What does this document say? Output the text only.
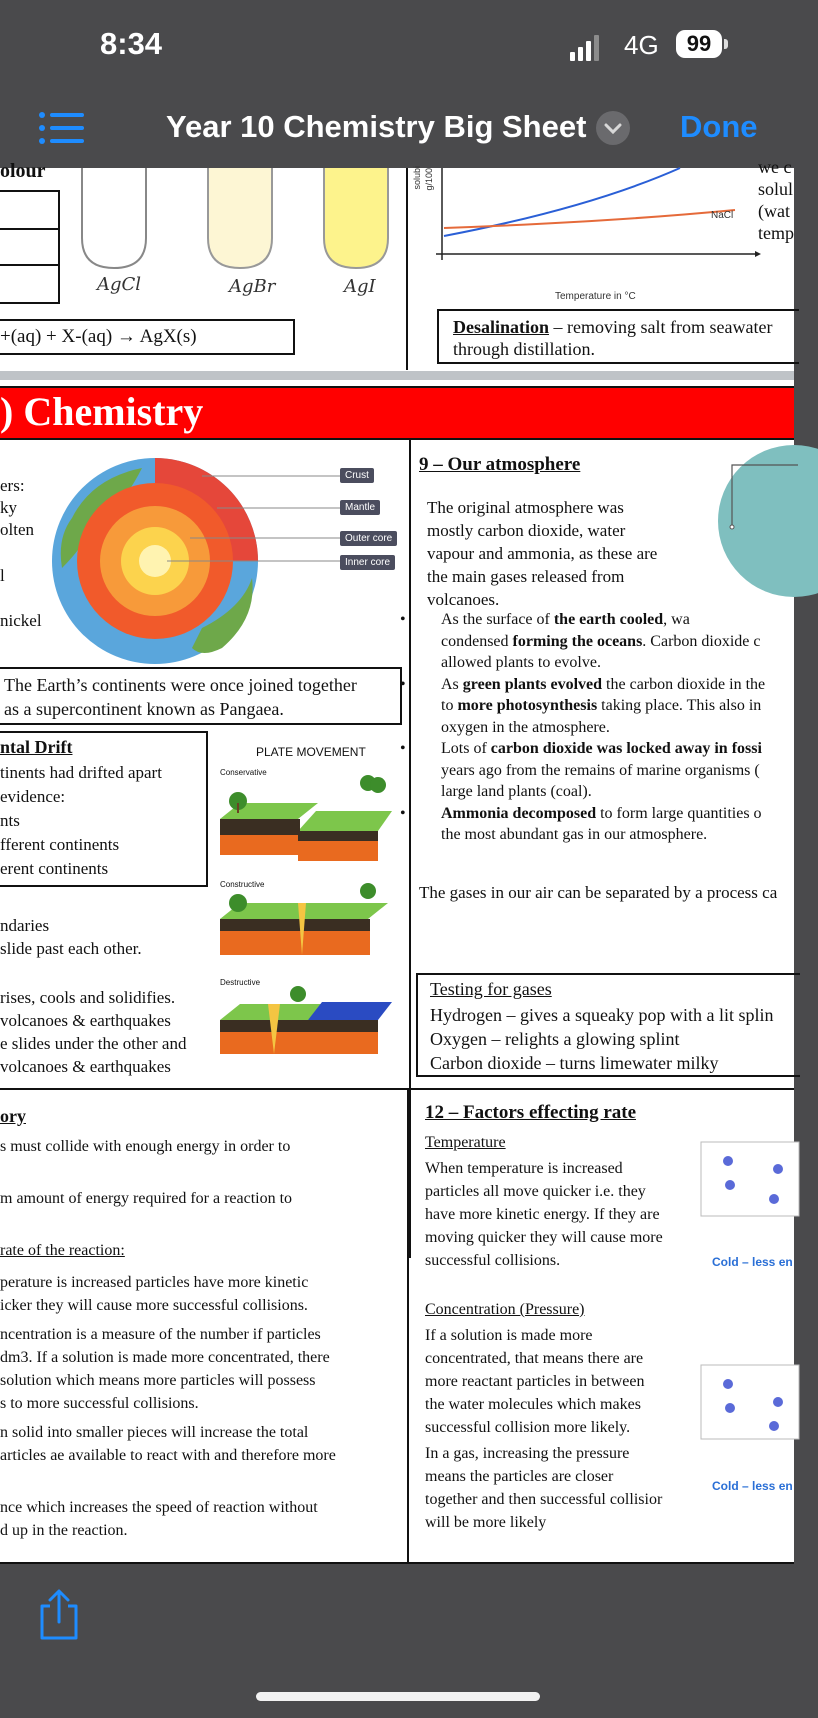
8:34	4G	99
Year 10 Chemistry Big Sheet	Done
olour
AgCl	AgBr	AgI
+(aq) + X-(aq) → AgX(s)
solubi g/100
NaCl
Temperature in °C
we c
solul
(wat
temp
Desalination – removing salt from seawater
through distillation.
) Chemistry
ers:
ky
olten
l
nickel
Crust
Mantle
Outer core
Inner core
The Earth’s continents were once joined together
as a supercontinent known as Pangaea.
ntal Drift
tinents had drifted apart
evidence:
nts
fferent continents
erent continents
PLATE MOVEMENT
Conservative
Constructive
Destructive
ndaries
slide past each other.
rises, cools and solidifies.
volcanoes & earthquakes
e slides under the other and
volcanoes & earthquakes
9 – Our atmosphere
The original atmosphere was
mostly carbon dioxide, water
vapour and ammonia, as these are
the main gases released from
volcanoes.
• As the surface of the earth cooled, wa
condensed forming the oceans. Carbon dioxide c
allowed plants to evolve.
• As green plants evolved the carbon dioxide in the
to more photosynthesis taking place. This also in
oxygen in the atmosphere.
• Lots of carbon dioxide was locked away in fossi
years ago from the remains of marine organisms (
large land plants (coal).
• Ammonia decomposed to form large quantities o
the most abundant gas in our atmosphere.
The gases in our air can be separated by a process ca
Testing for gases
Hydrogen – gives a squeaky pop with a lit splin
Oxygen – relights a glowing splint
Carbon dioxide – turns limewater milky
ory
s must collide with enough energy in order to
m amount of energy required for a reaction to
rate of the reaction:
perature is increased particles have more kinetic
icker they will cause more successful collisions.
ncentration is a measure of the number if particles
dm3. If a solution is made more concentrated, there
solution which means more particles will possess
s to more successful collisions.
n solid into smaller pieces will increase the total
articles ae available to react with and therefore more
nce which increases the speed of reaction without
d up in the reaction.
12 – Factors effecting rate
Temperature
When temperature is increased
particles all move quicker i.e. they
have more kinetic energy. If they are
moving quicker they will cause more
successful collisions.	Cold – less en
Concentration (Pressure)
If a solution is made more
concentrated, that means there are
more reactant particles in between
the water molecules which makes
successful collision more likely.
In a gas, increasing the pressure
means the particles are closer
together and then successful collisior
will be more likely
Cold – less en
